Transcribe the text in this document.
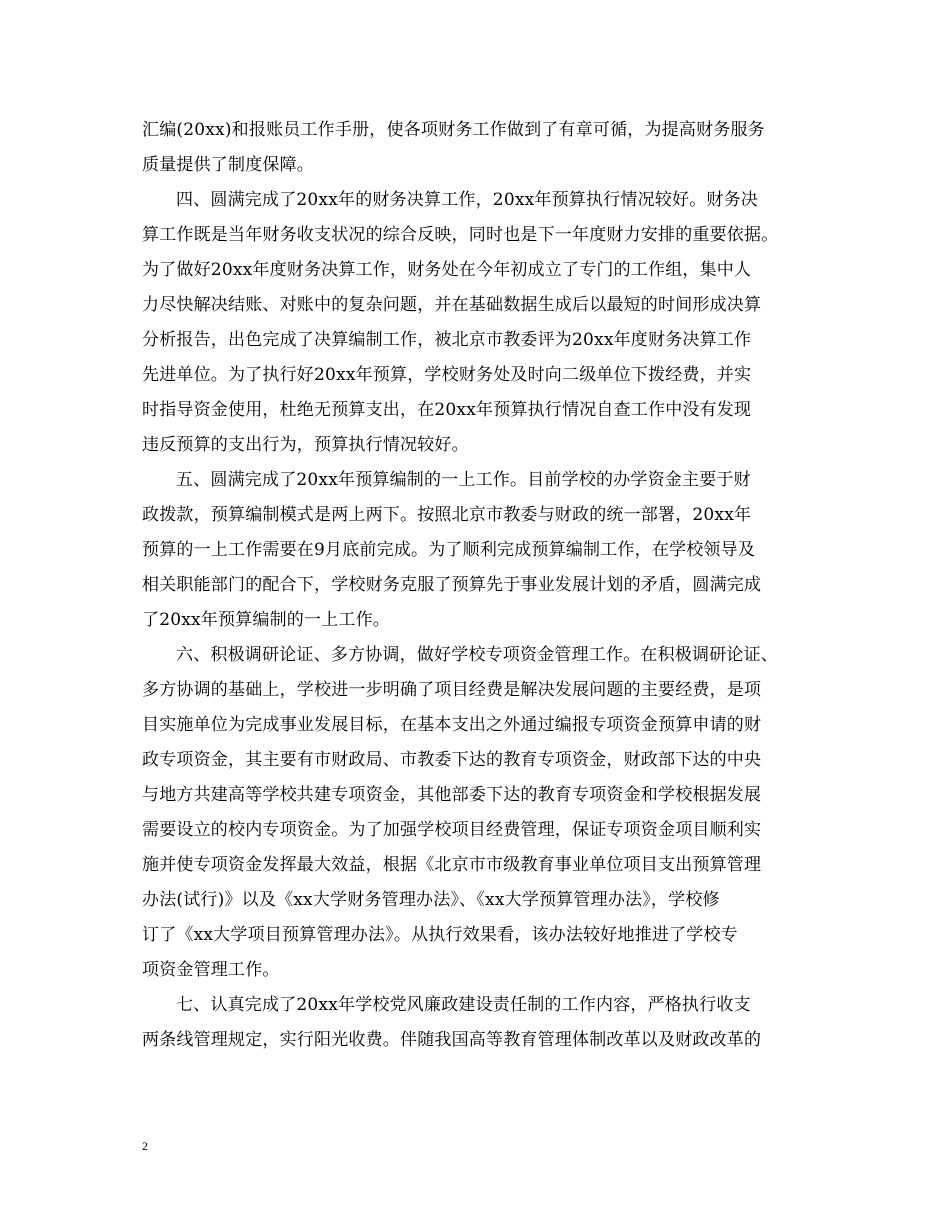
汇编(20xx)和报账员工作手册，使各项财务工作做到了有章可循，为提高财务服务
质量提供了制度保障。
四、圆满完成了20xx年的财务决算工作，20xx年预算执行情况较好。财务决
算工作既是当年财务收支状况的综合反映，同时也是下一年度财力安排的重要依据。
为了做好20xx年度财务决算工作，财务处在今年初成立了专门的工作组，集中人
力尽快解决结账、对账中的复杂问题，并在基础数据生成后以最短的时间形成决算
分析报告，出色完成了决算编制工作，被北京市教委评为20xx年度财务决算工作
先进单位。为了执行好20xx年预算，学校财务处及时向二级单位下拨经费，并实
时指导资金使用，杜绝无预算支出，在20xx年预算执行情况自查工作中没有发现
违反预算的支出行为，预算执行情况较好。
五、圆满完成了20xx年预算编制的一上工作。目前学校的办学资金主要于财
政拨款，预算编制模式是两上两下。按照北京市教委与财政的统一部署，20xx年
预算的一上工作需要在9月底前完成。为了顺利完成预算编制工作，在学校领导及
相关职能部门的配合下，学校财务克服了预算先于事业发展计划的矛盾，圆满完成
了20xx年预算编制的一上工作。
六、积极调研论证、多方协调，做好学校专项资金管理工作。在积极调研论证、
多方协调的基础上，学校进一步明确了项目经费是解决发展问题的主要经费，是项
目实施单位为完成事业发展目标，在基本支出之外通过编报专项资金预算申请的财
政专项资金，其主要有市财政局、市教委下达的教育专项资金，财政部下达的中央
与地方共建高等学校共建专项资金，其他部委下达的教育专项资金和学校根据发展
需要设立的校内专项资金。为了加强学校项目经费管理，保证专项资金项目顺利实
施并使专项资金发挥最大效益，根据《北京市市级教育事业单位项目支出预算管理
办法(试行)》以及《xx大学财务管理办法》、《xx大学预算管理办法》，学校修
订了《xx大学项目预算管理办法》。从执行效果看，该办法较好地推进了学校专
项资金管理工作。
七、认真完成了20xx年学校党风廉政建设责任制的工作内容，严格执行收支
两条线管理规定，实行阳光收费。伴随我国高等教育管理体制改革以及财政改革的
2
